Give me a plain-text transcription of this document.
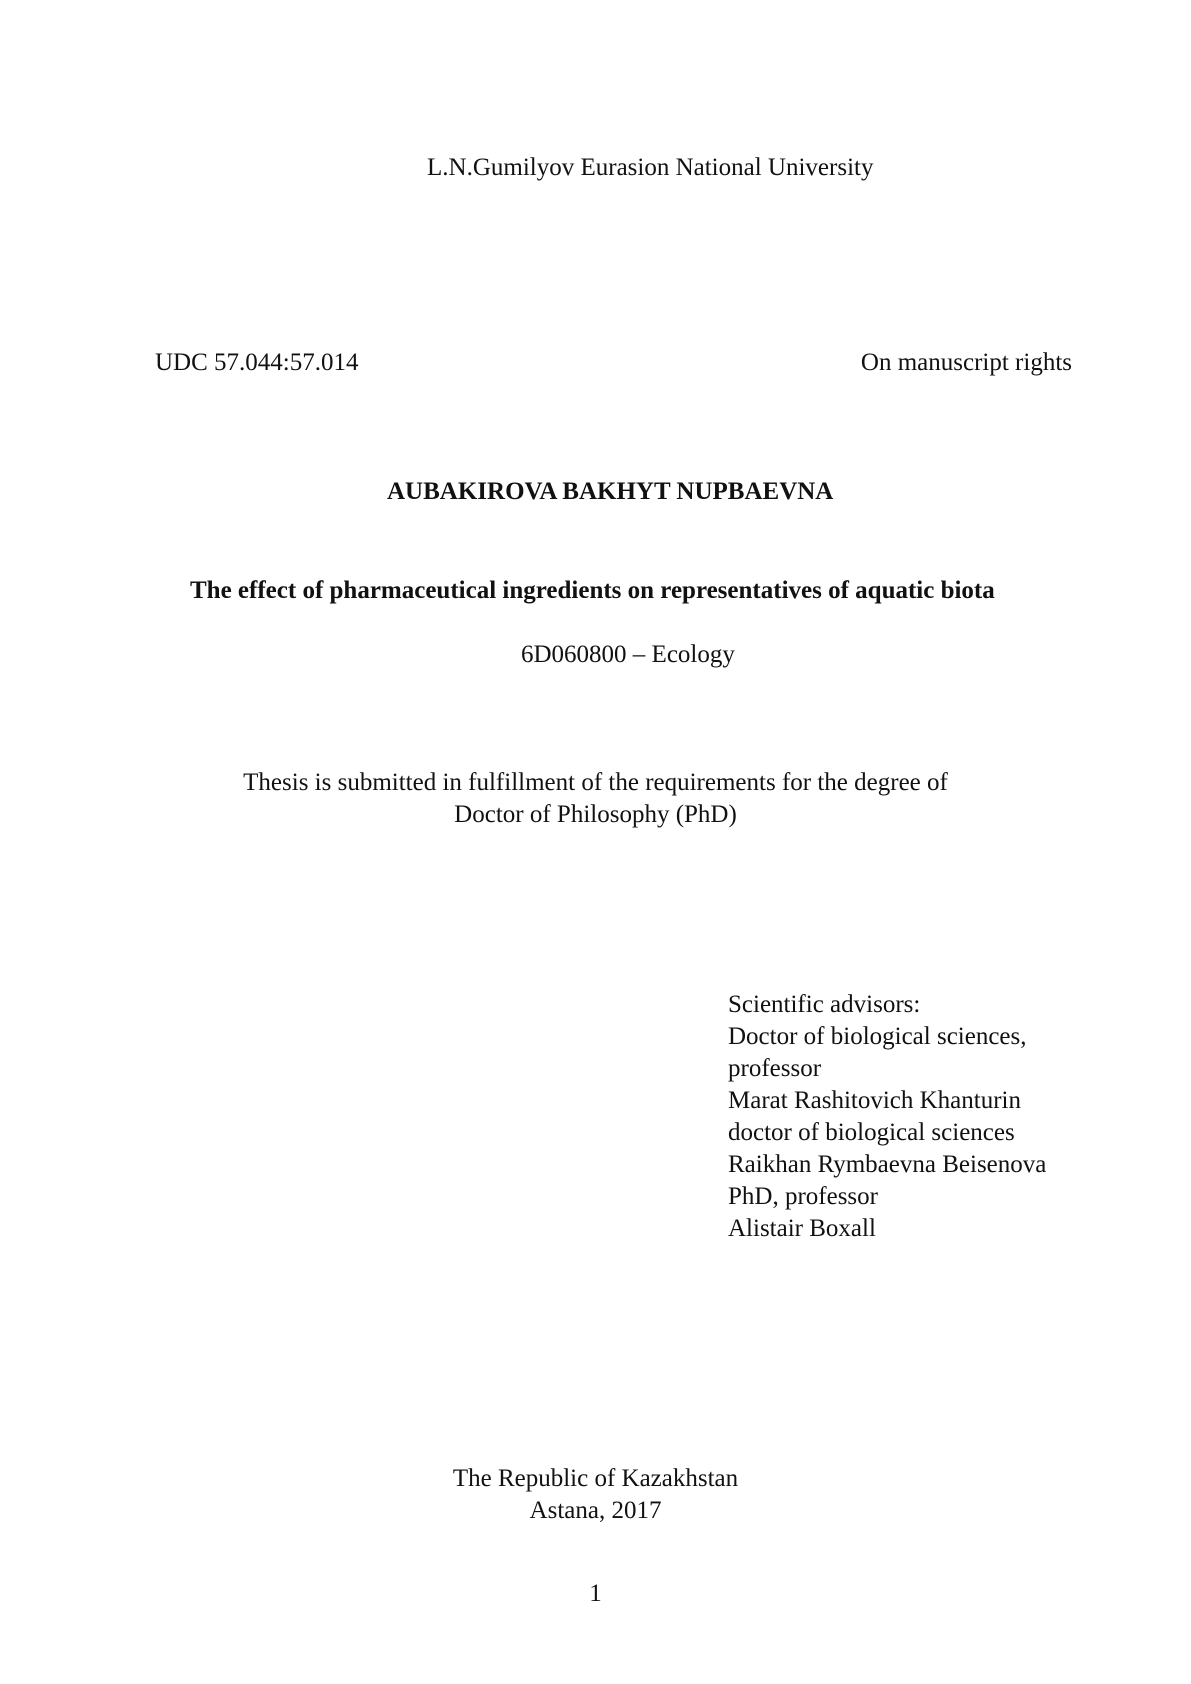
L.N.Gumilyov Eurasion National University
UDC 57.044:57.014	On manuscript rights
AUBAKIROVA BAKHYT NUPBAEVNA
The effect of pharmaceutical ingredients on representatives of aquatic biota
6D060800 – Ecology
Thesis is submitted in fulfillment of the requirements for the degree of
Doctor of Philosophy (PhD)
Scientific advisors:
Doctor of biological sciences,
professor
Marat Rashitovich Khanturin
doctor of biological sciences
Raikhan Rymbaevna Beisenova
PhD, professor
Alistair Boxall
The Republic of Kazakhstan
Astana, 2017
1
